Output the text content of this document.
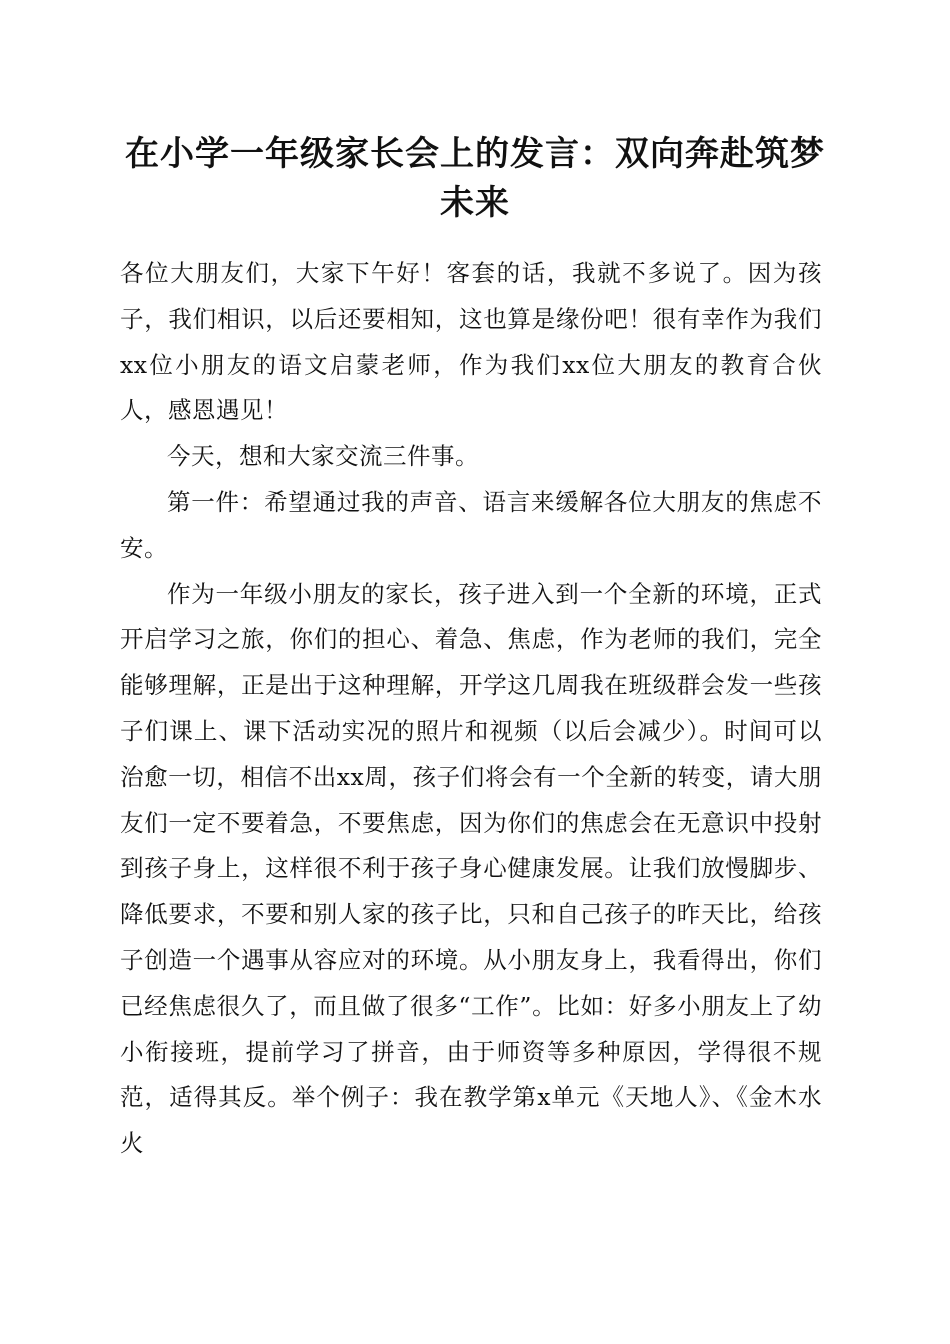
在小学一年级家长会上的发言：双向奔赴筑梦未来

各位大朋友们，大家下午好！客套的话，我就不多说了。因为孩子，我们相识，以后还要相知，这也算是缘份吧！很有幸作为我们xx位小朋友的语文启蒙老师，作为我们xx位大朋友的教育合伙人，感恩遇见！

今天，想和大家交流三件事。

第一件：希望通过我的声音、语言来缓解各位大朋友的焦虑不安。

作为一年级小朋友的家长，孩子进入到一个全新的环境，正式开启学习之旅，你们的担心、着急、焦虑，作为老师的我们，完全能够理解，正是出于这种理解，开学这几周我在班级群会发一些孩子们课上、课下活动实况的照片和视频（以后会减少）。时间可以治愈一切，相信不出xx周，孩子们将会有一个全新的转变，请大朋友们一定不要着急，不要焦虑，因为你们的焦虑会在无意识中投射到孩子身上，这样很不利于孩子身心健康发展。让我们放慢脚步、降低要求，不要和别人家的孩子比，只和自己孩子的昨天比，给孩子创造一个遇事从容应对的环境。从小朋友身上，我看得出，你们已经焦虑很久了，而且做了很多“工作”。比如：好多小朋友上了幼小衔接班，提前学习了拼音，由于师资等多种原因，学得很不规范，适得其反。举个例子：我在教学第x单元《天地人》、《金木水火
